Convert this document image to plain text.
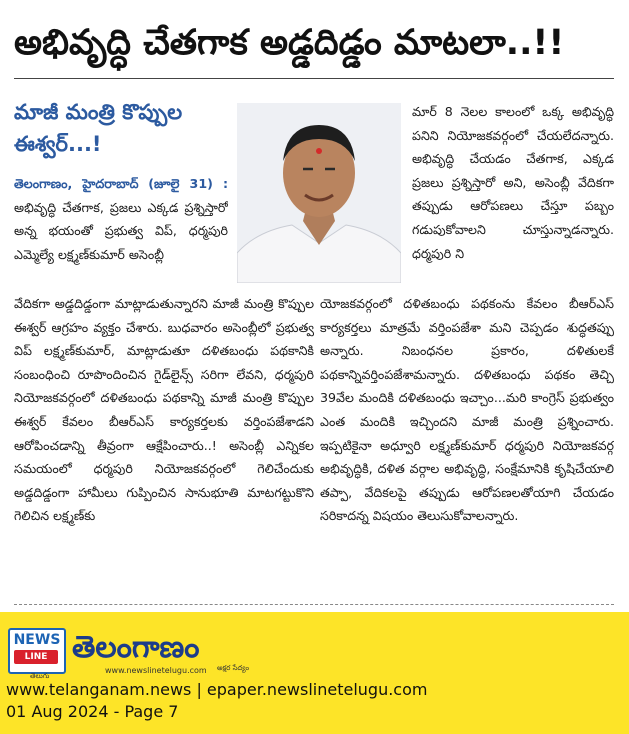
అభివృద్ధి చేతగాక అడ్డదిడ్డం మాటలా..!!
మాజీ మంత్రి కొప్పుల
ఈశ్వర్...!

తెలంగాణం, హైదరాబాద్ (జూలై 31) : అభివృద్ధి చేతగాక, ప్రజలు ఎక్కడ ప్రశ్నిస్తారో అన్న భయంతో ప్రభుత్వ విప్, ధర్మపురి ఎమ్మెల్యే లక్ష్మణ్‌కుమార్ అసెంబ్లీ

వేదికగా అడ్డదిడ్డంగా మాట్లాడుతున్నారని మాజీ మంత్రి కొప్పుల ఈశ్వర్ ఆగ్రహం వ్యక్తం చేశారు. బుధవారం అసెంబ్లీలో ప్రభుత్వ విప్ లక్ష్మణ్‌కుమార్, మాట్లాడుతూ దళితబంధు పథకానికి సంబంధించి రూపొందించిన గైడ్‌లైన్స్ సరిగా లేవని, ధర్మపురి నియోజకవర్గంలో దళితబంధు పథకాన్ని మాజీ మంత్రి కొప్పుల ఈశ్వర్ కేవలం బీఆర్ఎస్ కార్యకర్తలకు వర్తింపజేశాడని ఆరోపించడాన్ని తీవ్రంగా ఆక్షేపించారు..! అసెంబ్లీ ఎన్నికల సమయంలో ధర్మపురి నియోజకవర్గంలో గెలిచేందుకు అడ్డదిడ్డంగా హామీలు గుప్పించిన సానుభూతి మాటగట్టుకొని గెలిచిన లక్ష్మణ్‌కు

మార్ 8 నెలల కాలంలో ఒక్క అభివృద్ధి పనిని నియోజకవర్గంలో చేయలేదన్నారు. అభివృద్ధి చేయడం చేతగాక, ఎక్కడ ప్రజలు ప్రశ్నిస్తారో అని, అసెంబ్లీ వేదికగా తప్పుడు ఆరోపణలు చేస్తూ పబ్బం గడుపుకోవాలని చూస్తున్నాడన్నారు. ధర్మపురి ని

యోజకవర్గంలో దళితబంధు పథకంను కేవలం బీఆర్ఎస్ కార్యకర్తలు మాత్రమే వర్తింపజేశా మని చెప్పడం శుద్ధతప్పు అన్నారు. నిబంధనల ప్రకారం, దళితులకే పథకాన్నివర్తింపజేశామన్నారు. దళితబంధు పథకం తెచ్చి 39వేల మందికి దళితబంధు ఇచ్చాం...మరి కాంగ్రెస్ ప్రభుత్వం ఎంత మందికి ఇచ్చిందని మాజీ మంత్రి ప్రశ్నించారు. ఇప్పటికైనా అధ్వూరి లక్ష్మణ్‌కుమార్ ధర్మపురి నియోజకవర్గ అభివృద్ధికి, దళిత వర్గాల అభివృద్ధి, సంక్షేమానికి కృషిచేయాలి తప్పా, వేదికలపై తప్పుడు ఆరోపణలతోయాగి చేయడం సరికాదన్న విషయం తెలుసుకోవాలన్నారు.

NEWS
LINE
తెలుగు
తెలంగాణం
అక్షర సేద్యం
www.newslinetelugu.com
www.telanganam.news | epaper.newslinetelugu.com
01 Aug 2024 - Page 7
